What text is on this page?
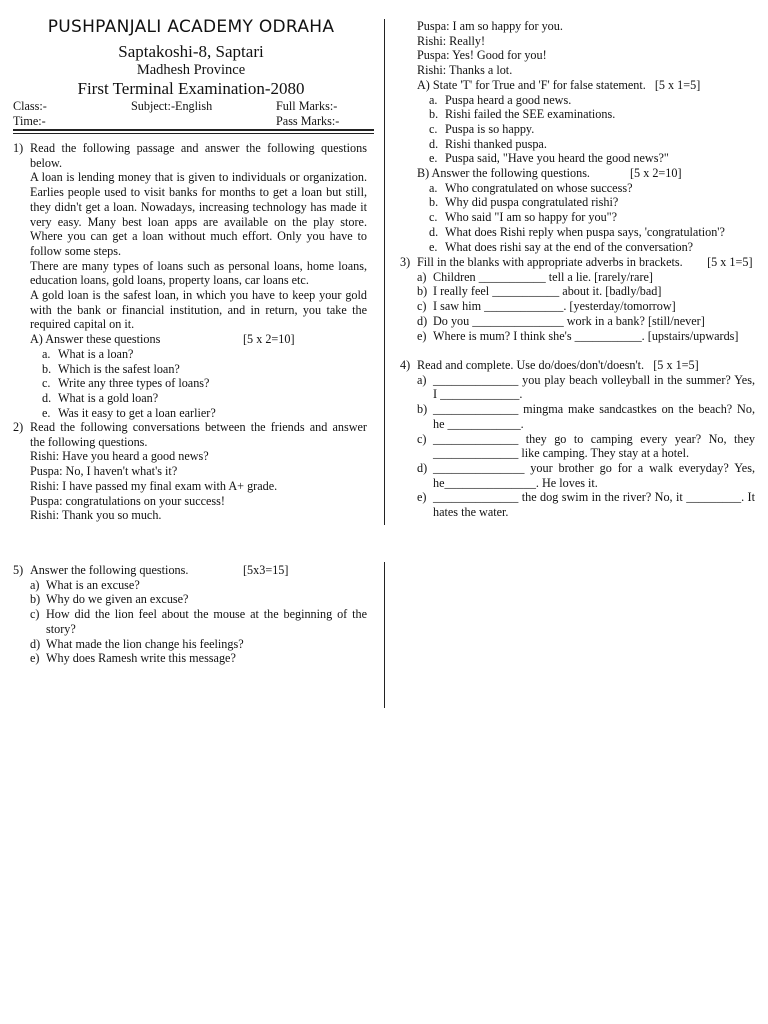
PUSHPANJALI ACADEMY ODRAHA
Saptakoshi-8, Saptari
Madhesh Province
First Terminal Examination-2080
Class:-	Subject:-English	Full Marks:-
Time:-	Pass Marks:-
1) Read the following passage and answer the following questions below.
A loan is lending money that is given to individuals or organization. Earlies people used to visit banks for months to get a loan but still, they didn't get a loan. Nowadays, increasing technology has made it very easy. Many best loan apps are available on the play store. Where you can get a loan without much effort. Only you have to follow some steps.
There are many types of loans such as personal loans, home loans, education loans, gold loans, property loans, car loans etc.
A gold loan is the safest loan, in which you have to keep your gold with the bank or financial institution, and in return, you take the required capital on it.
A) Answer these questions	[5 x 2=10]
a. What is a loan?
b. Which is the safest loan?
c. Write any three types of loans?
d. What is a gold loan?
e. Was it easy to get a loan earlier?
2) Read the following conversations between the friends and answer the following questions.
Rishi: Have you heard a good news?
Puspa: No, I haven't what's it?
Rishi: I have passed my final exam with A+ grade.
Puspa: congratulations on your success!
Rishi: Thank you so much.
Puspa: I am so happy for you.
Rishi: Really!
Puspa: Yes! Good for you!
Rishi: Thanks a lot.
A) State 'T' for True and 'F' for false statement. [5 x 1=5]
a. Puspa heard a good news.
b. Rishi failed the SEE examinations.
c. Puspa is so happy.
d. Rishi thanked puspa.
e. Puspa said, "Have you heard the good news?"
B) Answer the following questions.	[5 x 2=10]
a. Who congratulated on whose success?
b. Why did puspa congratulated rishi?
c. Who said "I am so happy for you"?
d. What does Rishi reply when puspa says, 'congratulation'?
e. What does rishi say at the end of the conversation?
3) Fill in the blanks with appropriate adverbs in brackets. [5 x 1=5]
a) Children ___________ tell a lie. [rarely/rare]
b) I really feel ___________ about it. [badly/bad]
c) I saw him _____________. [yesterday/tomorrow]
d) Do you _______________ work in a bank? [still/never]
e) Where is mum? I think she's ___________. [upstairs/upwards]
4) Read and complete. Use do/does/don't/doesn't. [5 x 1=5]
a) ______________ you play beach volleyball in the summer? Yes, I _____________.
b) ______________ mingma make sandcastkes on the beach? No, he ____________.
c) ______________ they go to camping every year? No, they ______________ like camping. They stay at a hotel.
d) _______________ your brother go for a walk everyday? Yes, he_______________. He loves it.
e) ______________ the dog swim in the river? No, it _________. It hates the water.
5) Answer the following questions.	[5x3=15]
a) What is an excuse?
b) Why do we given an excuse?
c) How did the lion feel about the mouse at the beginning of the story?
d) What made the lion change his feelings?
e) Why does Ramesh write this message?
